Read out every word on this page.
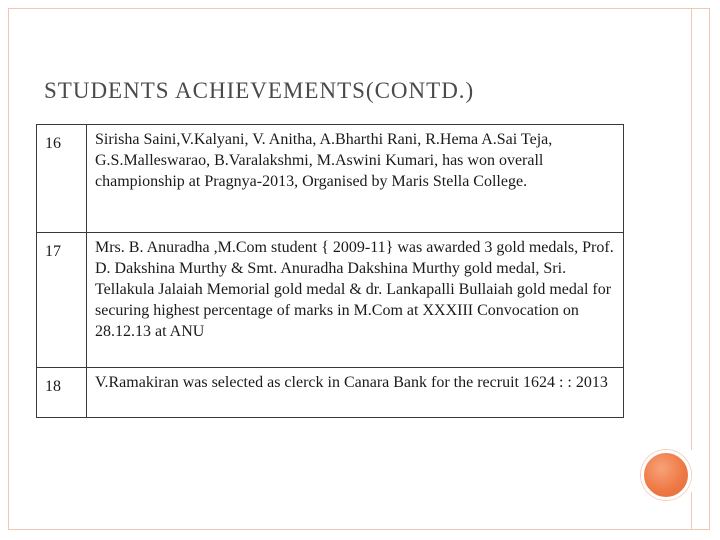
STUDENTS ACHIEVEMENTS(CONTD.)
16	Sirisha Saini,V.Kalyani, V. Anitha, A.Bharthi Rani, R.Hema A.Sai Teja, G.S.Malleswarao, B.Varalakshmi, M.Aswini Kumari, has won overall championship at Pragnya-2013, Organised by Maris Stella College.
17	Mrs. B. Anuradha ,M.Com student { 2009-11} was awarded 3 gold medals, Prof. D. Dakshina Murthy & Smt. Anuradha Dakshina Murthy gold medal, Sri. Tellakula Jalaiah Memorial gold medal & dr. Lankapalli Bullaiah gold medal for securing highest percentage of marks in M.Com at XXXIII Convocation on 28.12.13 at ANU
18	V.Ramakiran was selected as clerck in Canara Bank for the recruit 1624 : : 2013
